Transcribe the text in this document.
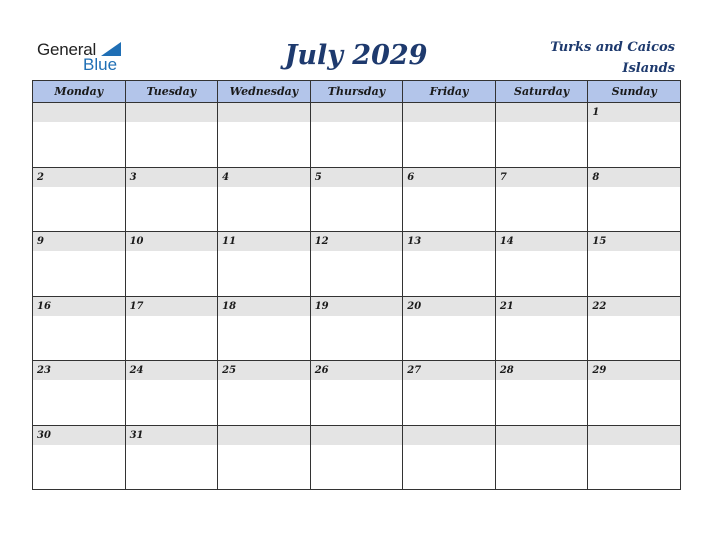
General
Blue	July 2029	Turks and Caicos Islands
Monday	Tuesday	Wednesday	Thursday	Friday	Saturday	Sunday

						1

2	3	4	5	6	7	8

9	10	11	12	13	14	15

16	17	18	19	20	21	22

23	24	25	26	27	28	29

30	31					
